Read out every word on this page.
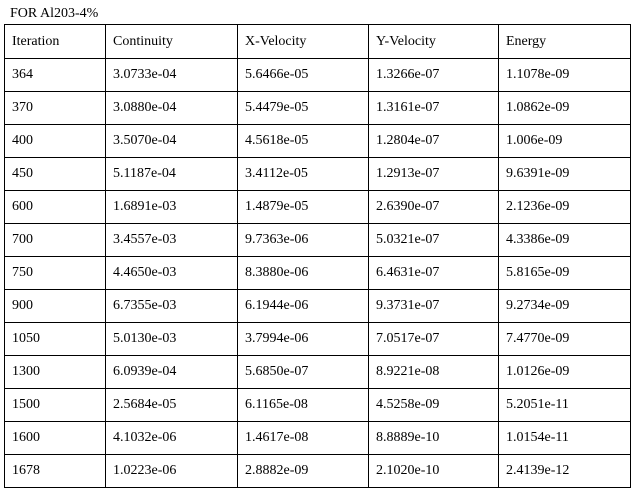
FOR Al203-4%
Iteration	Continuity	X-Velocity	Y-Velocity	Energy
364	3.0733e-04	5.6466e-05	1.3266e-07	1.1078e-09
370	3.0880e-04	5.4479e-05	1.3161e-07	1.0862e-09
400	3.5070e-04	4.5618e-05	1.2804e-07	1.006e-09
450	5.1187e-04	3.4112e-05	1.2913e-07	9.6391e-09
600	1.6891e-03	1.4879e-05	2.6390e-07	2.1236e-09
700	3.4557e-03	9.7363e-06	5.0321e-07	4.3386e-09
750	4.4650e-03	8.3880e-06	6.4631e-07	5.8165e-09
900	6.7355e-03	6.1944e-06	9.3731e-07	9.2734e-09
1050	5.0130e-03	3.7994e-06	7.0517e-07	7.4770e-09
1300	6.0939e-04	5.6850e-07	8.9221e-08	1.0126e-09
1500	2.5684e-05	6.1165e-08	4.5258e-09	5.2051e-11
1600	4.1032e-06	1.4617e-08	8.8889e-10	1.0154e-11
1678	1.0223e-06	2.8882e-09	2.1020e-10	2.4139e-12
